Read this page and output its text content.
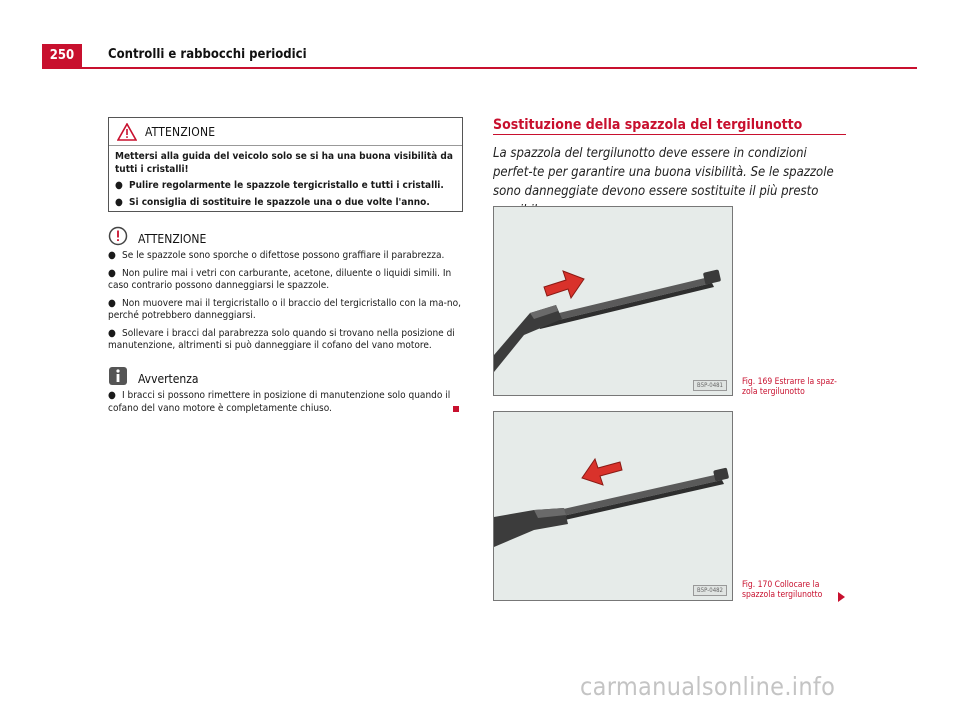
250	Controlli e rabbocchi periodici
ATTENZIONE

Mettersi alla guida del veicolo solo se si ha una buona visibilità da tutti i cristalli!

● Pulire regolarmente le spazzole tergicristallo e tutti i cristalli.

● Si consiglia di sostituire le spazzole una o due volte l'anno.

ATTENZIONE

● Se le spazzole sono sporche o difettose possono graffiare il parabrezza.

● Non pulire mai i vetri con carburante, acetone, diluente o liquidi simili. In caso contrario possono danneggiarsi le spazzole.

● Non muovere mai il tergicristallo o il braccio del tergicristallo con la ma-no, perché potrebbero danneggiarsi.

● Sollevare i bracci dal parabrezza solo quando si trovano nella posizione di manutenzione, altrimenti si può danneggiare il cofano del vano motore.

Avvertenza

● I bracci si possono rimettere in posizione di manutenzione solo quando il cofano del vano motore è completamente chiuso.

Sostituzione della spazzola del tergilunotto
La spazzola del tergilunotto deve essere in condizioni perfet-te per garantire una buona visibilità. Se le spazzole sono danneggiate devono essere sostituite il più presto
B5P-0481	Fig. 169 Estrarre la spaz-zola tergilunotto
B5P-0482
Fig. 170 Collocare la spazzola tergilunotto
carmanualsonline.info
